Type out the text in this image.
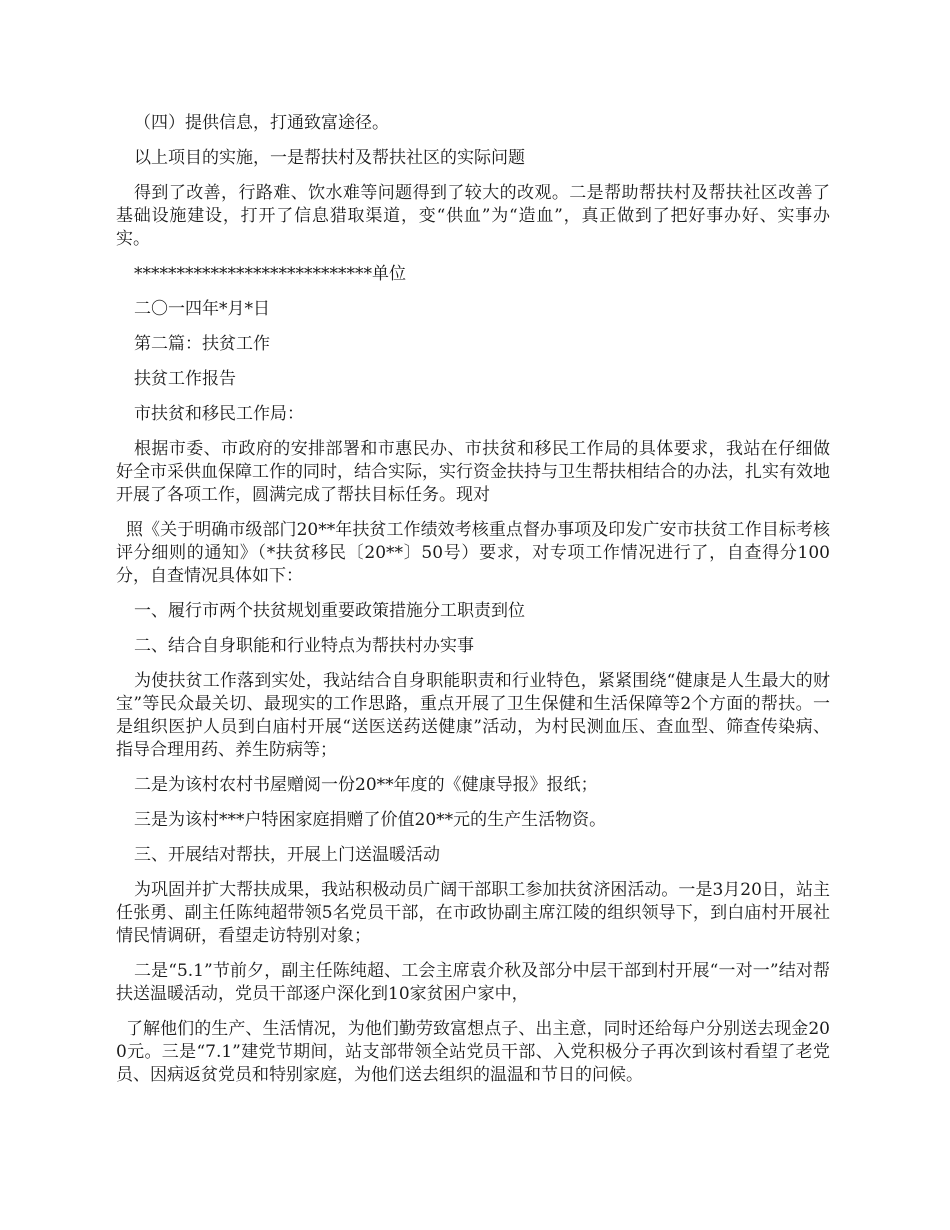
（四）提供信息，打通致富途径。

以上项目的实施，一是帮扶村及帮扶社区的实际问题

得到了改善，行路难、饮水难等问题得到了较大的改观。二是帮助帮扶村及帮扶社区改善了基础设施建设，打开了信息猎取渠道，变“供血”为“造血”，真正做到了把好事办好、实事办实。

****************************单位

二〇一四年*月*日

第二篇：扶贫工作

扶贫工作报告

市扶贫和移民工作局：

根据市委、市政府的安排部署和市惠民办、市扶贫和移民工作局的具体要求，我站在仔细做好全市采供血保障工作的同时，结合实际，实行资金扶持与卫生帮扶相结合的办法，扎实有效地开展了各项工作，圆满完成了帮扶目标任务。现对

照《关于明确市级部门20**年扶贫工作绩效考核重点督办事项及印发广安市扶贫工作目标考核评分细则的通知》（*扶贫移民〔20**〕50号）要求，对专项工作情况进行了，自查得分100分，自查情况具体如下：

一、履行市两个扶贫规划重要政策措施分工职责到位

二、结合自身职能和行业特点为帮扶村办实事

为使扶贫工作落到实处，我站结合自身职能职责和行业特色，紧紧围绕“健康是人生最大的财宝”等民众最关切、最现实的工作思路，重点开展了卫生保健和生活保障等2个方面的帮扶。一是组织医护人员到白庙村开展“送医送药送健康”活动，为村民测血压、查血型、筛查传染病、指导合理用药、养生防病等；

二是为该村农村书屋赠阅一份20**年度的《健康导报》报纸；

三是为该村***户特困家庭捐赠了价值20**元的生产生活物资。

三、开展结对帮扶，开展上门送温暖活动

为巩固并扩大帮扶成果，我站积极动员广阔干部职工参加扶贫济困活动。一是3月20日，站主任张勇、副主任陈纯超带领5名党员干部，在市政协副主席江陵的组织领导下，到白庙村开展社情民情调研，看望走访特别对象；

二是“5.1”节前夕，副主任陈纯超、工会主席袁介秋及部分中层干部到村开展“一对一”结对帮扶送温暖活动，党员干部逐户深化到10家贫困户家中，

了解他们的生产、生活情况，为他们勤劳致富想点子、出主意，同时还给每户分别送去现金200元。三是“7.1”建党节期间，站支部带领全站党员干部、入党积极分子再次到该村看望了老党员、因病返贫党员和特别家庭，为他们送去组织的温温和节日的问候。
